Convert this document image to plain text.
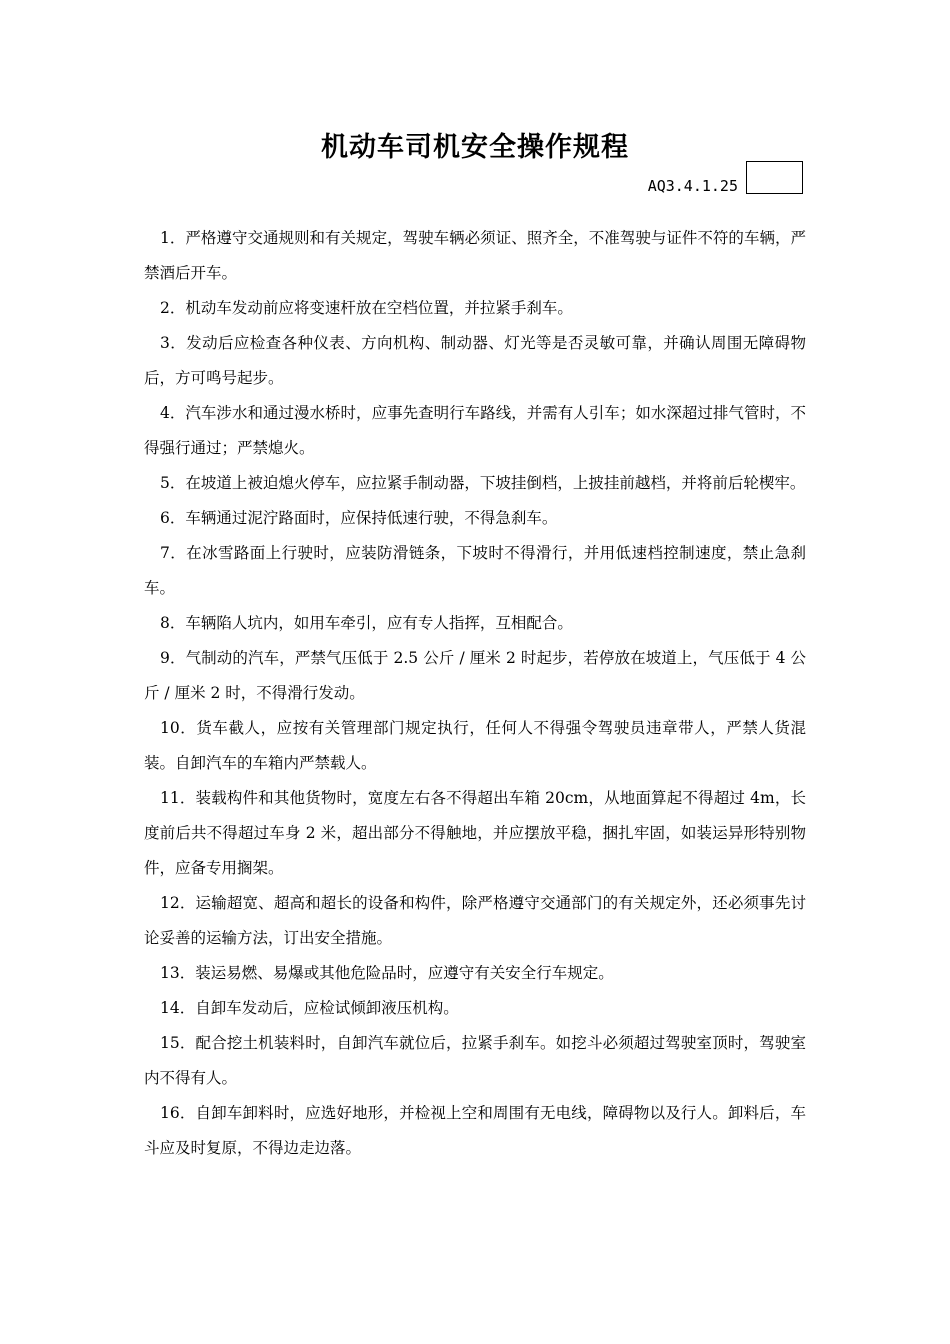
机动车司机安全操作规程
AQ3.4.1.25

1．严格遵守交通规则和有关规定，驾驶车辆必须证、照齐全，不准驾驶与证件不符的车辆，严禁酒后开车。

2．机动车发动前应将变速杆放在空档位置，并拉紧手刹车。

3．发动后应检查各种仪表、方向机构、制动器、灯光等是否灵敏可靠，并确认周围无障碍物后，方可鸣号起步。

4．汽车涉水和通过漫水桥时，应事先查明行车路线，并需有人引车；如水深超过排气管时，不得强行通过；严禁熄火。

5．在坡道上被迫熄火停车，应拉紧手制动器，下坡挂倒档，上披挂前越档，并将前后轮楔牢。

6．车辆通过泥泞路面时，应保持低速行驶，不得急刹车。

7．在冰雪路面上行驶时，应装防滑链条，下坡时不得滑行，并用低速档控制速度，禁止急刹车。

8．车辆陷人坑内，如用车牵引，应有专人指挥，互相配合。

9．气制动的汽车，严禁气压低于 2.5 公斤 / 厘米 2 时起步，若停放在坡道上，气压低于 4 公斤 / 厘米 2 时，不得滑行发动。

10．货车截人，应按有关管理部门规定执行，任何人不得强令驾驶员违章带人，严禁人货混装。自卸汽车的车箱内严禁载人。

11．装载构件和其他货物时，宽度左右各不得超出车箱 20cm，从地面算起不得超过 4m，长度前后共不得超过车身 2 米，超出部分不得触地，并应摆放平稳，捆扎牢固，如装运异形特别物件，应备专用搁架。

12．运输超宽、超高和超长的设备和构件，除严格遵守交通部门的有关规定外，还必须事先讨论妥善的运输方法，订出安全措施。

13．装运易燃、易爆或其他危险品时，应遵守有关安全行车规定。

14．自卸车发动后，应检试倾卸液压机构。

15．配合挖土机装料时，自卸汽车就位后，拉紧手刹车。如挖斗必须超过驾驶室顶时，驾驶室内不得有人。

16．自卸车卸料时，应选好地形，并检视上空和周围有无电线，障碍物以及行人。卸料后，车斗应及时复原，不得边走边落。
